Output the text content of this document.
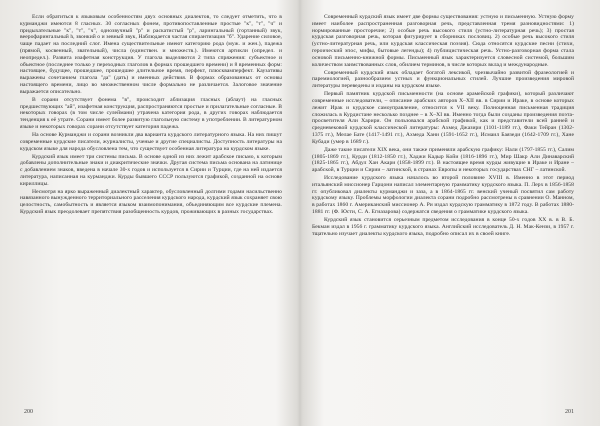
Если обратиться к языковым особенностям двух основных диалектов, то следует отметить, что в курманджи имеются 8 гласных. 30 согласных фонем, противопоставленные простые "к", "т", "ч" и придыхательные "к", "т", "ч", однозвучный "р" и раскатистый "р", ларингальный (гортанный) звук, веерофарингальный h, звонкий о и зевный звук, Наблюдается частая спирантизация "б". Ударение силовое, чаще падает на последний слог. Имена существительные имеют категорию рода (муж. и жен.), падежа (прямой, косвенный, звательный), числа (единствен. и множеств.). Имеются артикли (определ. и неопредел.). Развита изафетная конструкция. У глагола выделяются 2 типа спряжения: субъектное и объектное (последнее только у переходных глаголов в формах прошедшего времени) и 8 временных форм: настоящее, будущее, прошедшее, прошедшее длительное время, перфект, плюсквамперфект. Каузативы выражены сочетанием глагола "да" (дать) и именных действия. В формах образованных от основы настоящего времени, лицо во множественном числе формально не различается. Залоговое значение выражается описательно.

В сорани отсутствует фонема "в", происходит аблизация гласных (аблаут) на гласных предшествующих "ай", изафетная конструкция, распространяются простые и прилагательные согласные. В некоторых говорах (в том числе сулеймани) утрачена категория рода, в других говорах наблюдается тенденция к её утрате. Сорани имеет более развитую глагольную систему в употреблении. В литературном языке и некоторых говорах сорани отсутствует категория падежа.

На основе Курманджи и сорани возникли два варианта курдского литературного языка. На них пишут современные курдские писатели, журналисты, ученые и другие специалисты. Доступность литературы на курдском языке для народа обусловлена тем, что существует особенная литература на курдском языке.

Курдский язык имеет три системы письма. В основе одной из них лежит арабское письмо, к которым добавлены дополнительные знаки и диакритические значки. Другая система письма основана на латинице с добавлением знаков, введена в начале 30-х годов и используется в Сирии и Турции, где на ней издается литература, написанная на курманджи. Курды бывшего СССР пользуются графикой, созданной на основе кириллицы.

Несмотря на ярко выраженный диалектный характер, обусловленный долгими годами насильственно навязанного вынужденного территориального расселения курдского народа, курдский язык сохраняет свою целостность, самобытность и является языком взаимопонимания, объединяющим все курдские племена. Курдский язык преодолевает препятствия разобщенность курдов, проживающих в разных государствах.

Современный курдский язык имеет две формы существования: устную и письменную. Устную форму имеет наиболее распространенная разговорная речь, представленная тремя разновидностями: 1) нормированные просторечие; 2) особые речь высокого стиля (устно-литературная речь); 3) простая курдская разговорная речь, которая фигурирует в сборниках пословиц. 2) особые речь высокого стиля (устно-литературная речь, или курдская классическая поэзия). Сюда относятся курдские песни (стихи, героический эпос, мифы, бытовые легенды); 4) публицистическая речь. Устно-разговорная форма стала основой письменно-книжной формы. Письменный язык характеризуется словесной системой, большим количеством заимствованных слов, обилием терминов, в числе которых вклад и международные.

Современный курдский язык обладает богатой лексикой, чрезвычайно развитой фразеологией и паремиологией, разнообразием устных и функциональных стилей. Лучшие произведения мировой литературы переведены и изданы на курдском языке.

Первый памятник курдской письменности (на основе арамейской графики), который различают современные исследователи, – описание арабских авторов X–XII вв. в Сирии и Ираке, в основе которых лежит Ирак и курдское самоуправление, относится к VII веку. Полноценная письменная традиция сложилась в Курдистане несколько позднее – в X–XI вв. Именно тогда были созданы произведения поэта-просветителя Али Харири. Он пользовался арабской графикой, как и представители всей ранней и средневековой курдской классической литературы: Ахмед Джазири (1101-1189 гг.), Факи Тейран (1302-1375 гг.), Мелае Бате (1417-1491 гг.), Ахмеда Хани (1591-1652 гг.), Исмаил Баязеди (1642-1709 гг.), Хане Кубади (умер в 1689 г.).

Даже такие писатели XIX века, они также применяли арабскую графику: Нали (1797-1855 гг.), Салим (1805-1869 гг.), Курди (1812-1850 гг.), Хаджи Кадыр Койи (1816-1896 гг.), Мир Шакр Али Динаварский (1825-1865 гг.), Абдул Хан Акари (1858-1899 гг.). В настоящее время курды живущие в Ираке и Иране – арабской, в Турции и Сирии – латинской, в странах Европы и некоторых государствах СНГ – латинской.

Исследование курдского языка началось во второй половине XVIII в. Именно в этот период итальянский миссионер Гарцони написал элементарную грамматику курдского языка. П. Лерх в 1856-1858 гг. опубликовал диалекты курманджи и заза, а в 1864-1865 гг. венский ученый посвятил сам работу курдскому языку. Проблемы морфологии диалекта сорани подробно рассмотрены в сравнении О. Манном, в работах 1860 г. Американский миссионер А. Ри издал курдскую грамматику в 1872 году. В работах 1880-1881 гг. (Ф. Юсти, С. А. Егиазарова) содержатся сведения о грамматике курдского языка.

Курдский язык становится серьезным предметом исследования в конце 50-х годов XX в. в В. Б. Бекман издал в 1956 г. грамматику курдского языка. Английский исследователь Д. Н. Мак-Кензи, в 1957 г. тщательно изучает диалекты курдского языка, подробно описал их в своей книге.

200	201
